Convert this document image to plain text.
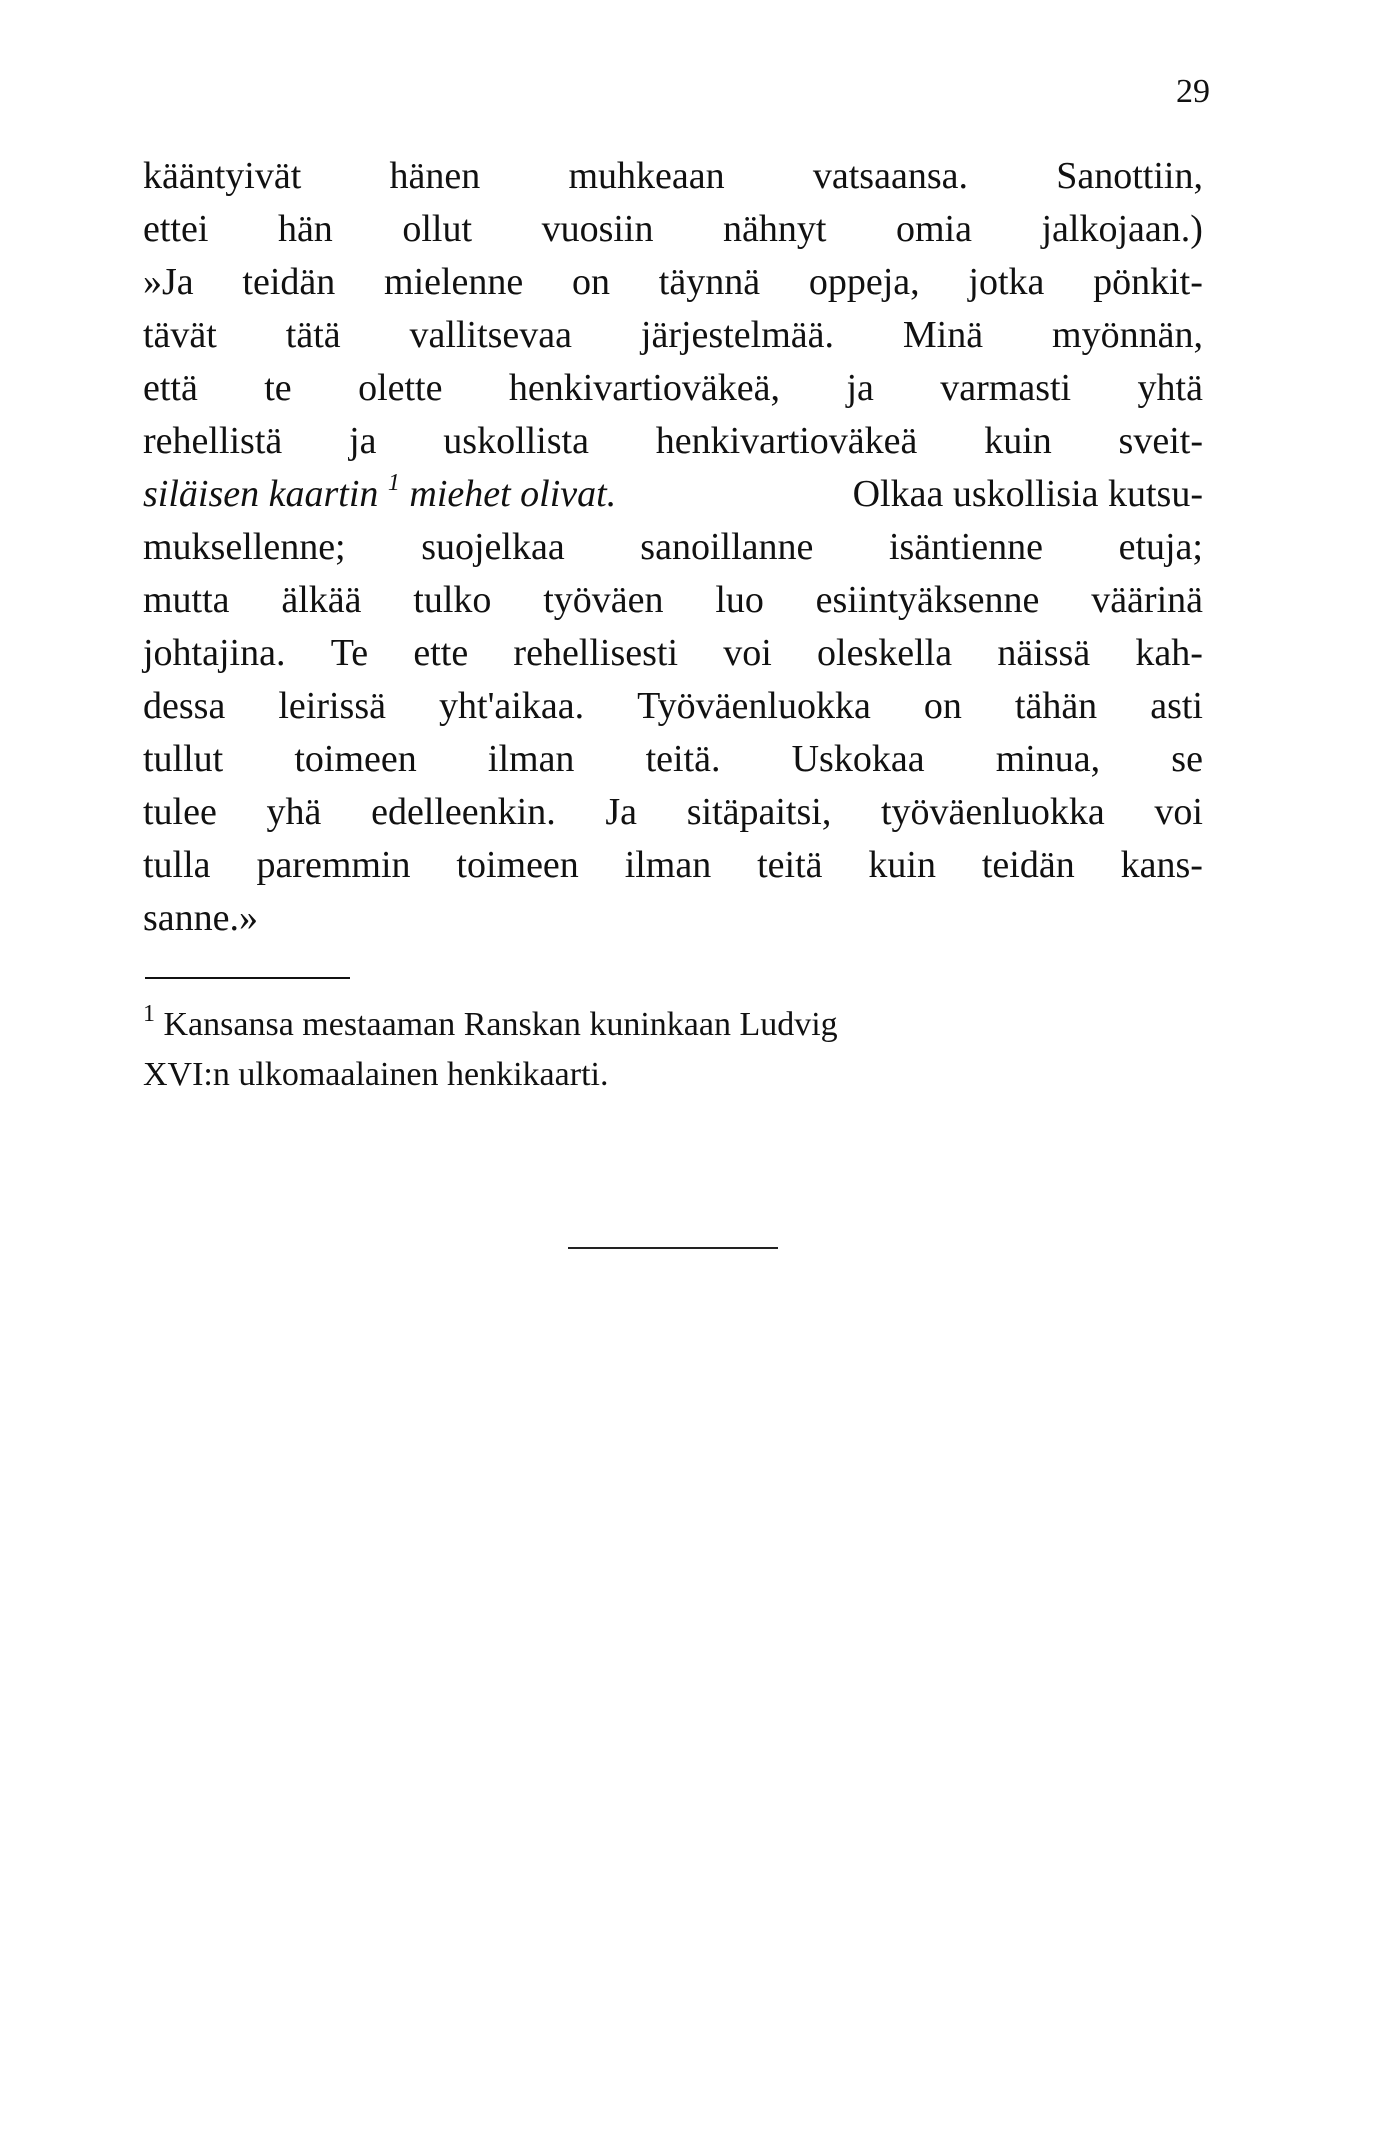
29
kääntyivät hänen muhkeaan vatsaansa. Sanottiin,
ettei hän ollut vuosiin nähnyt omia jalkojaan.)
»Ja teidän mielenne on täynnä oppeja, jotka pönkit-
tävät tätä vallitsevaa järjestelmää. Minä myönnän,
että te olette henkivartioväkeä, ja varmasti yhtä
rehellistä ja uskollista henkivartioväkeä kuin sveit-
siläisen kaartin $^1$ miehet olivat.	Olkaa uskollisia kutsu-
muksellenne; suojelkaa sanoillanne isäntienne etuja;
mutta älkää tulko työväen luo esiintyäksenne väärinä
johtajina. Te ette rehellisesti voi oleskella näissä kah-
dessa leirissä yht'aikaa. Työväenluokka on tähän asti
tullut toimeen ilman teitä. Uskokaa minua, se
tulee yhä edelleenkin. Ja sitäpaitsi, työväenluokka voi
tulla paremmin toimeen ilman teitä kuin teidän kans-
sanne.»
$^1$ Kansansa mestaaman Ranskan kuninkaan Ludvig
XVI:n ulkomaalainen henkikaarti.
